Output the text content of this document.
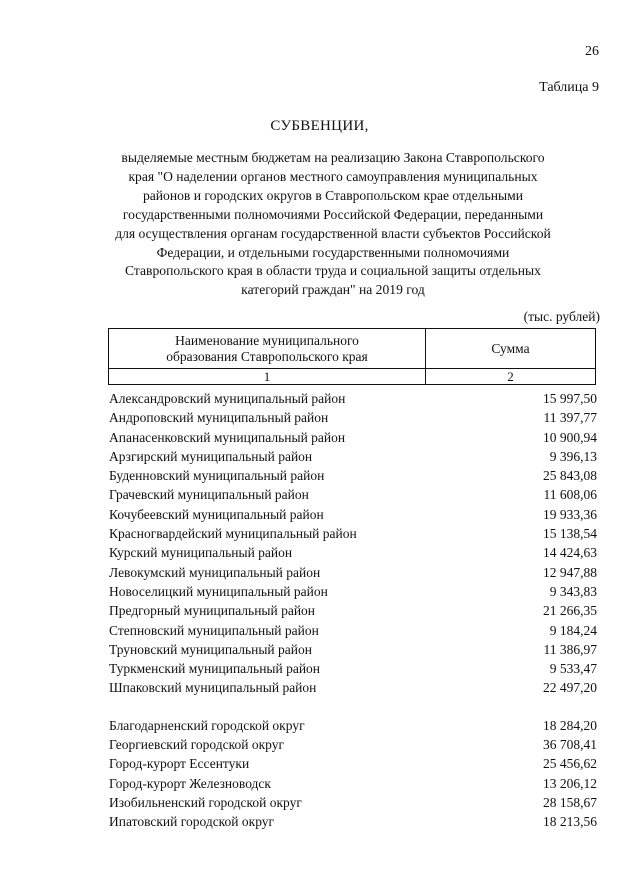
26
Таблица 9
СУБВЕНЦИИ,

выделяемые местным бюджетам на реализацию Закона Ставропольского
края "О наделении органов местного самоуправления муниципальных
районов и городских округов в Ставропольском крае отдельными
государственными полномочиями Российской Федерации, переданными
для осуществления органам государственной власти субъектов Российской
Федерации, и отдельными государственными полномочиями
Ставропольского края в области труда и социальной защиты отдельных
категорий граждан" на 2019 год

(тыс. рублей)
Наименование муниципального
образования Ставропольского края	Сумма
1	2
Александровский муниципальный район	15 997,50
Андроповский муниципальный район	11 397,77
Апанасенковский муниципальный район	10 900,94
Арзгирский муниципальный район	9 396,13
Буденновский муниципальный район	25 843,08
Грачевский муниципальный район	11 608,06
Кочубеевский муниципальный район	19 933,36
Красногвардейский муниципальный район	15 138,54
Курский муниципальный район	14 424,63
Левокумский муниципальный район	12 947,88
Новоселицкий муниципальный район	9 343,83
Предгорный муниципальный район	21 266,35
Степновский муниципальный район	9 184,24
Труновский муниципальный район	11 386,97
Туркменский муниципальный район	9 533,47
Шпаковский муниципальный район	22 497,20
Благодарненский городской округ	18 284,20
Георгиевский городской округ	36 708,41
Город-курорт Ессентуки	25 456,62
Город-курорт Железноводск	13 206,12
Изобильненский городской округ	28 158,67
Ипатовский городской округ	18 213,56
